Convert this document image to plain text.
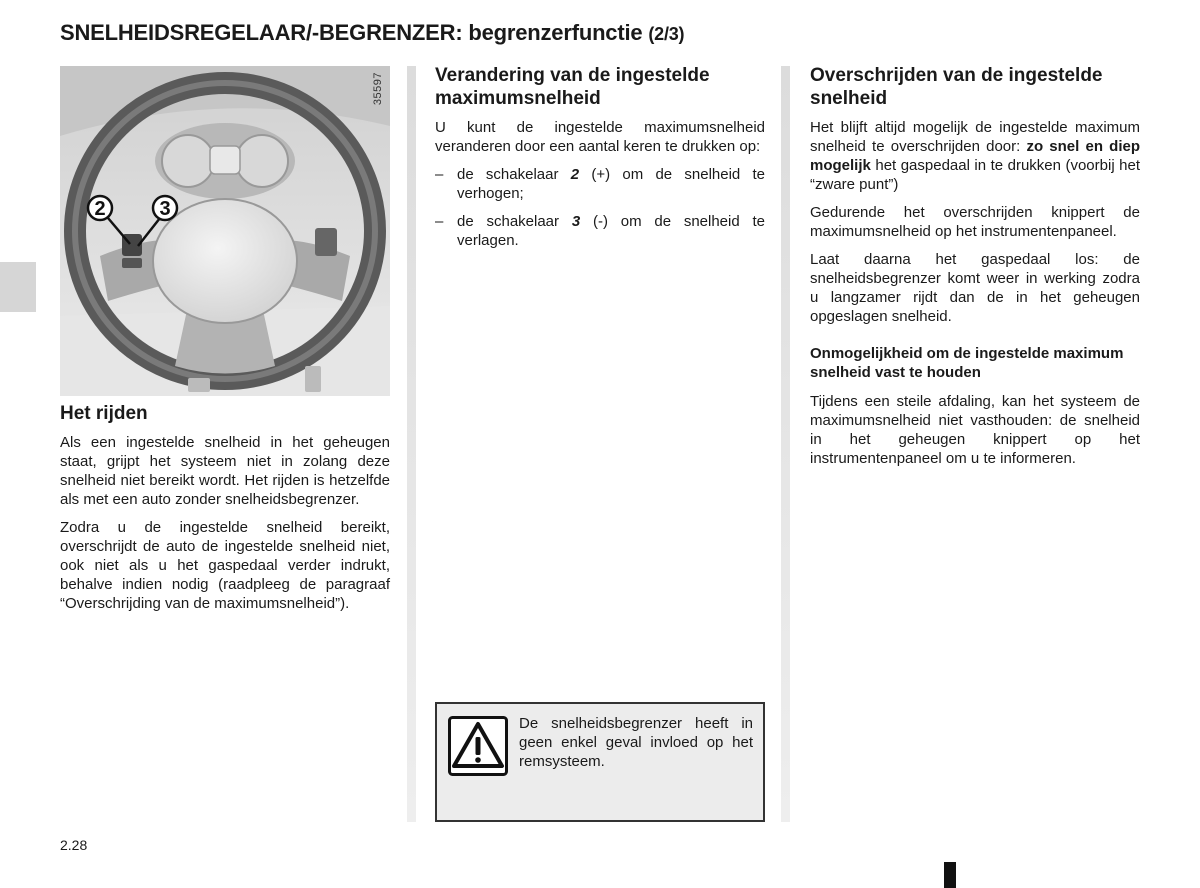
SNELHEIDSREGELAAR/-BEGRENZER: begrenzerfunctie (2/3)
2	3
35597
Het rijden

Als een ingestelde snelheid in het geheugen staat, grijpt het systeem niet in zolang deze snelheid niet bereikt wordt. Het rijden is hetzelfde als met een auto zonder snelheidsbegrenzer.

Zodra u de ingestelde snelheid bereikt, overschrijdt de auto de ingestelde snelheid niet, ook niet als u het gaspedaal verder indrukt, behalve indien nodig (raadpleeg de paragraaf “Overschrijding van de maximumsnelheid”).

Verandering van de ingestelde maximumsnelheid

U kunt de ingestelde maximumsnelheid veranderen door een aantal keren te drukken op:

– de schakelaar 2 (+) om de snelheid te verhogen;
– de schakelaar 3 (-) om de snelheid te verlagen.

De snelheidsbegrenzer heeft in geen enkel geval invloed op het remsysteem.

Overschrijden van de ingestelde snelheid

Het blijft altijd mogelijk de ingestelde maximum snelheid te overschrijden door: zo snel en diep mogelijk het gaspedaal in te drukken (voorbij het “zware punt”)

Gedurende het overschrijden knippert de maximumsnelheid op het instrumentenpaneel.

Laat daarna het gaspedaal los: de snelheidsbegrenzer komt weer in werking zodra u langzamer rijdt dan de in het geheugen opgeslagen snelheid.

Onmogelijkheid om de ingestelde maximum snelheid vast te houden

Tijdens een steile afdaling, kan het systeem de maximumsnelheid niet vasthouden: de snelheid in het geheugen knippert op het instrumentenpaneel om u te informeren.

2.28
